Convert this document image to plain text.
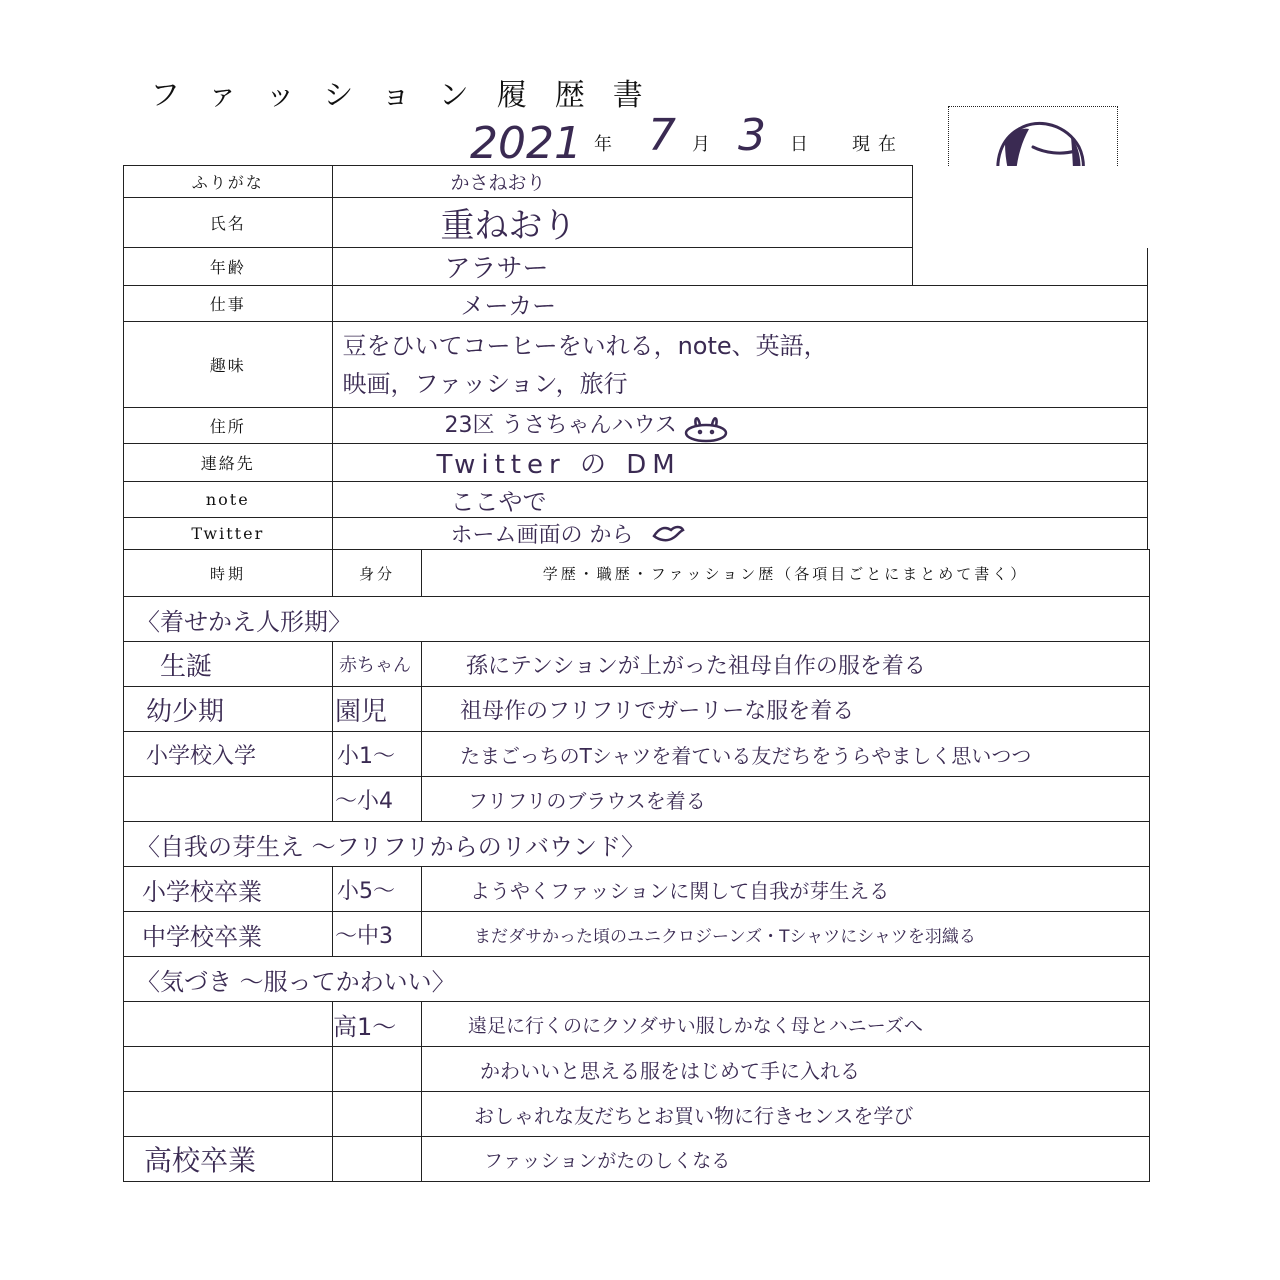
ファッション履歴書
2021 年 7 月 3 日 現在
ふりがな	かさねおり	
氏名	重ねおり	
年齢	アラサー	
仕事	メーカー	
趣味	豆をひいてコーヒーをいれる，note、英語，
映画，ファッション，旅行	

住所	23区 うさちゃんハウス	
連絡先	Twitter の DM	
note	ここやで	
Twitter	ホーム画面の から	
時期	身分	学歴・職歴・ファッション歴（各項目ごとにまとめて書く）
〈着せかえ人形期〉		
生誕	赤ちゃん	孫にテンションが上がった祖母自作の服を着る
幼少期	園児	祖母作のフリフリでガーリーな服を着る
小学校入学	小1〜	たまごっちのTシャツを着ている友だちをうらやましく思いつつ
	〜小4	フリフリのブラウスを着る
〈自我の芽生え 〜フリフリからのリバウンド〉		
小学校卒業	小5〜	ようやくファッションに関して自我が芽生える
中学校卒業	〜中3	まだダサかった頃のユニクロジーンズ・Tシャツにシャツを羽織る
〈気づき 〜服ってかわいい〉		
	高1〜	遠足に行くのにクソダサい服しかなく母とハニーズへ
		かわいいと思える服をはじめて手に入れる
		おしゃれな友だちとお買い物に行きセンスを学び
高校卒業		ファッションがたのしくなる
